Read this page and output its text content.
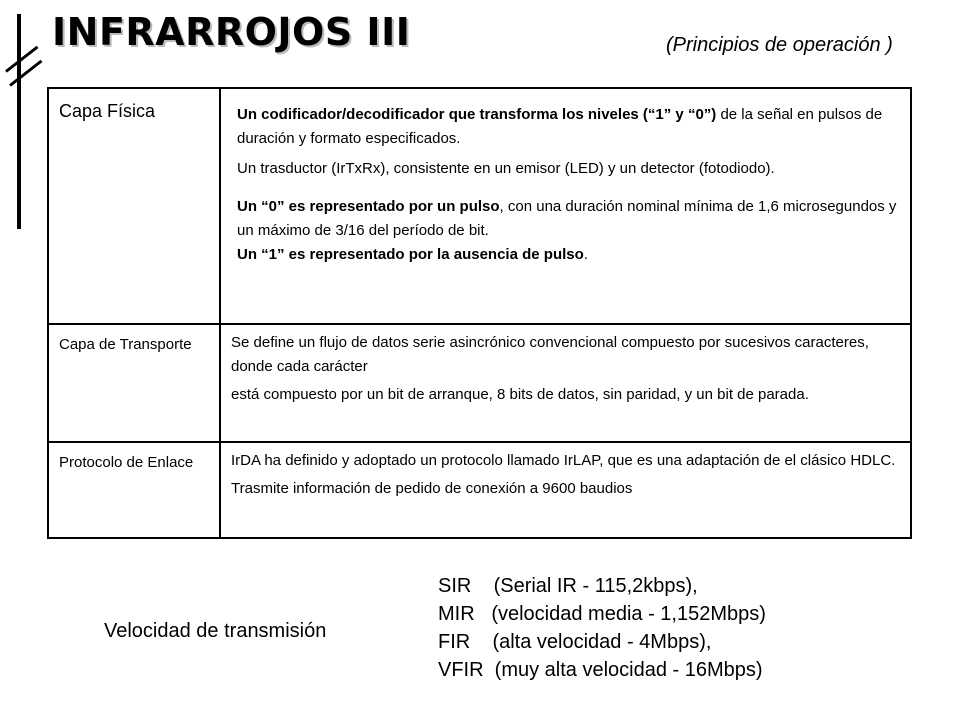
INFRARROJOS III	(Principios de operación )
Capa Física	Un codificador/decodificador que transforma los niveles (“1” y “0”) de la señal en pulsos de duración y formato especificados.

Un trasductor (IrTxRx), consistente en un emisor (LED) y un detector (fotodiodo).

Un “0” es representado por un pulso, con una duración nominal mínima de 1,6 microsegundos y un máximo de 3/16 del período de bit.

Un “1” es representado por la ausencia de pulso.

Capa de Transporte	Se define un flujo de datos serie asincrónico convencional compuesto por sucesivos caracteres, donde cada carácter

está compuesto por un bit de arranque, 8 bits de datos, sin paridad, y un bit de parada.

Protocolo de Enlace	IrDA ha definido y adoptado un protocolo llamado IrLAP, que es una adaptación de el clásico HDLC.

Trasmite información de pedido de conexión a 9600 baudios

Velocidad de transmisión
SIR    (Serial IR - 115,2kbps),
MIR   (velocidad media - 1,152Mbps)
FIR    (alta velocidad - 4Mbps),
VFIR  (muy alta velocidad - 16Mbps)
